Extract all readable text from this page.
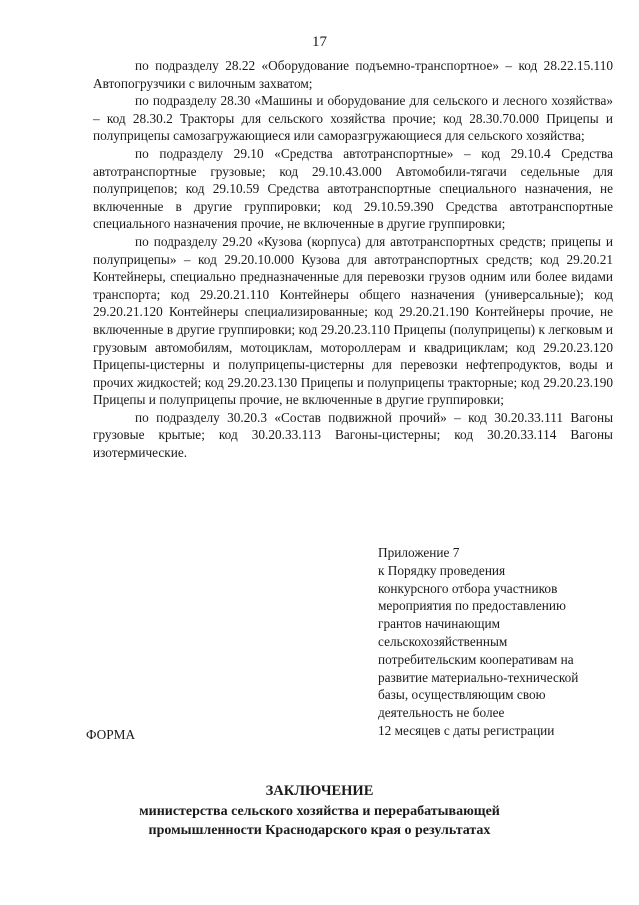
17

по подразделу 28.22 «Оборудование подъемно-транспортное» – код 28.22.15.110 Автопогрузчики с вилочным захватом;

по подразделу 28.30 «Машины и оборудование для сельского и лесного хозяйства» – код 28.30.2 Тракторы для сельского хозяйства прочие; код 28.30.70.000 Прицепы и полуприцепы самозагружающиеся или саморазгружающиеся для сельского хозяйства;

по подразделу 29.10 «Средства автотранспортные» – код 29.10.4 Средства автотранспортные грузовые; код 29.10.43.000 Автомобили-тягачи седельные для полуприцепов; код 29.10.59 Средства автотранспортные специального назначения, не включенные в другие группировки; код 29.10.59.390 Средства автотранспортные специального назначения прочие, не включенные в другие группировки;

по подразделу 29.20 «Кузова (корпуса) для автотранспортных средств; прицепы и полуприцепы» – код 29.20.10.000 Кузова для автотранспортных средств; код 29.20.21 Контейнеры, специально предназначенные для перевозки грузов одним или более видами транспорта; код 29.20.21.110 Контейнеры общего назначения (универсальные); код 29.20.21.120 Контейнеры специализированные; код 29.20.21.190 Контейнеры прочие, не включенные в другие группировки; код 29.20.23.110 Прицепы (полуприцепы) к легковым и грузовым автомобилям, мотоциклам, мотороллерам и квадрициклам; код 29.20.23.120 Прицепы-цистерны и полуприцепы-цистерны для перевозки нефтепродуктов, воды и прочих жидкостей; код 29.20.23.130 Прицепы и полуприцепы тракторные; код 29.20.23.190 Прицепы и полуприцепы прочие, не включенные в другие группировки;

по подразделу 30.20.3 «Состав подвижной прочий» – код 30.20.33.111 Вагоны грузовые крытые; код 30.20.33.113 Вагоны-цистерны; код 30.20.33.114 Вагоны изотермические.

Приложение 7
к Порядку проведения
конкурсного отбора участников
мероприятия по предоставлению
грантов начинающим
сельскохозяйственным
потребительским кооперативам на
развитие материально-технической
базы, осуществляющим свою
деятельность не более
12 месяцев с даты регистрации
ФОРМА
ЗАКЛЮЧЕНИЕ
министерства сельского хозяйства и перерабатывающей
промышленности Краснодарского края о результатах
